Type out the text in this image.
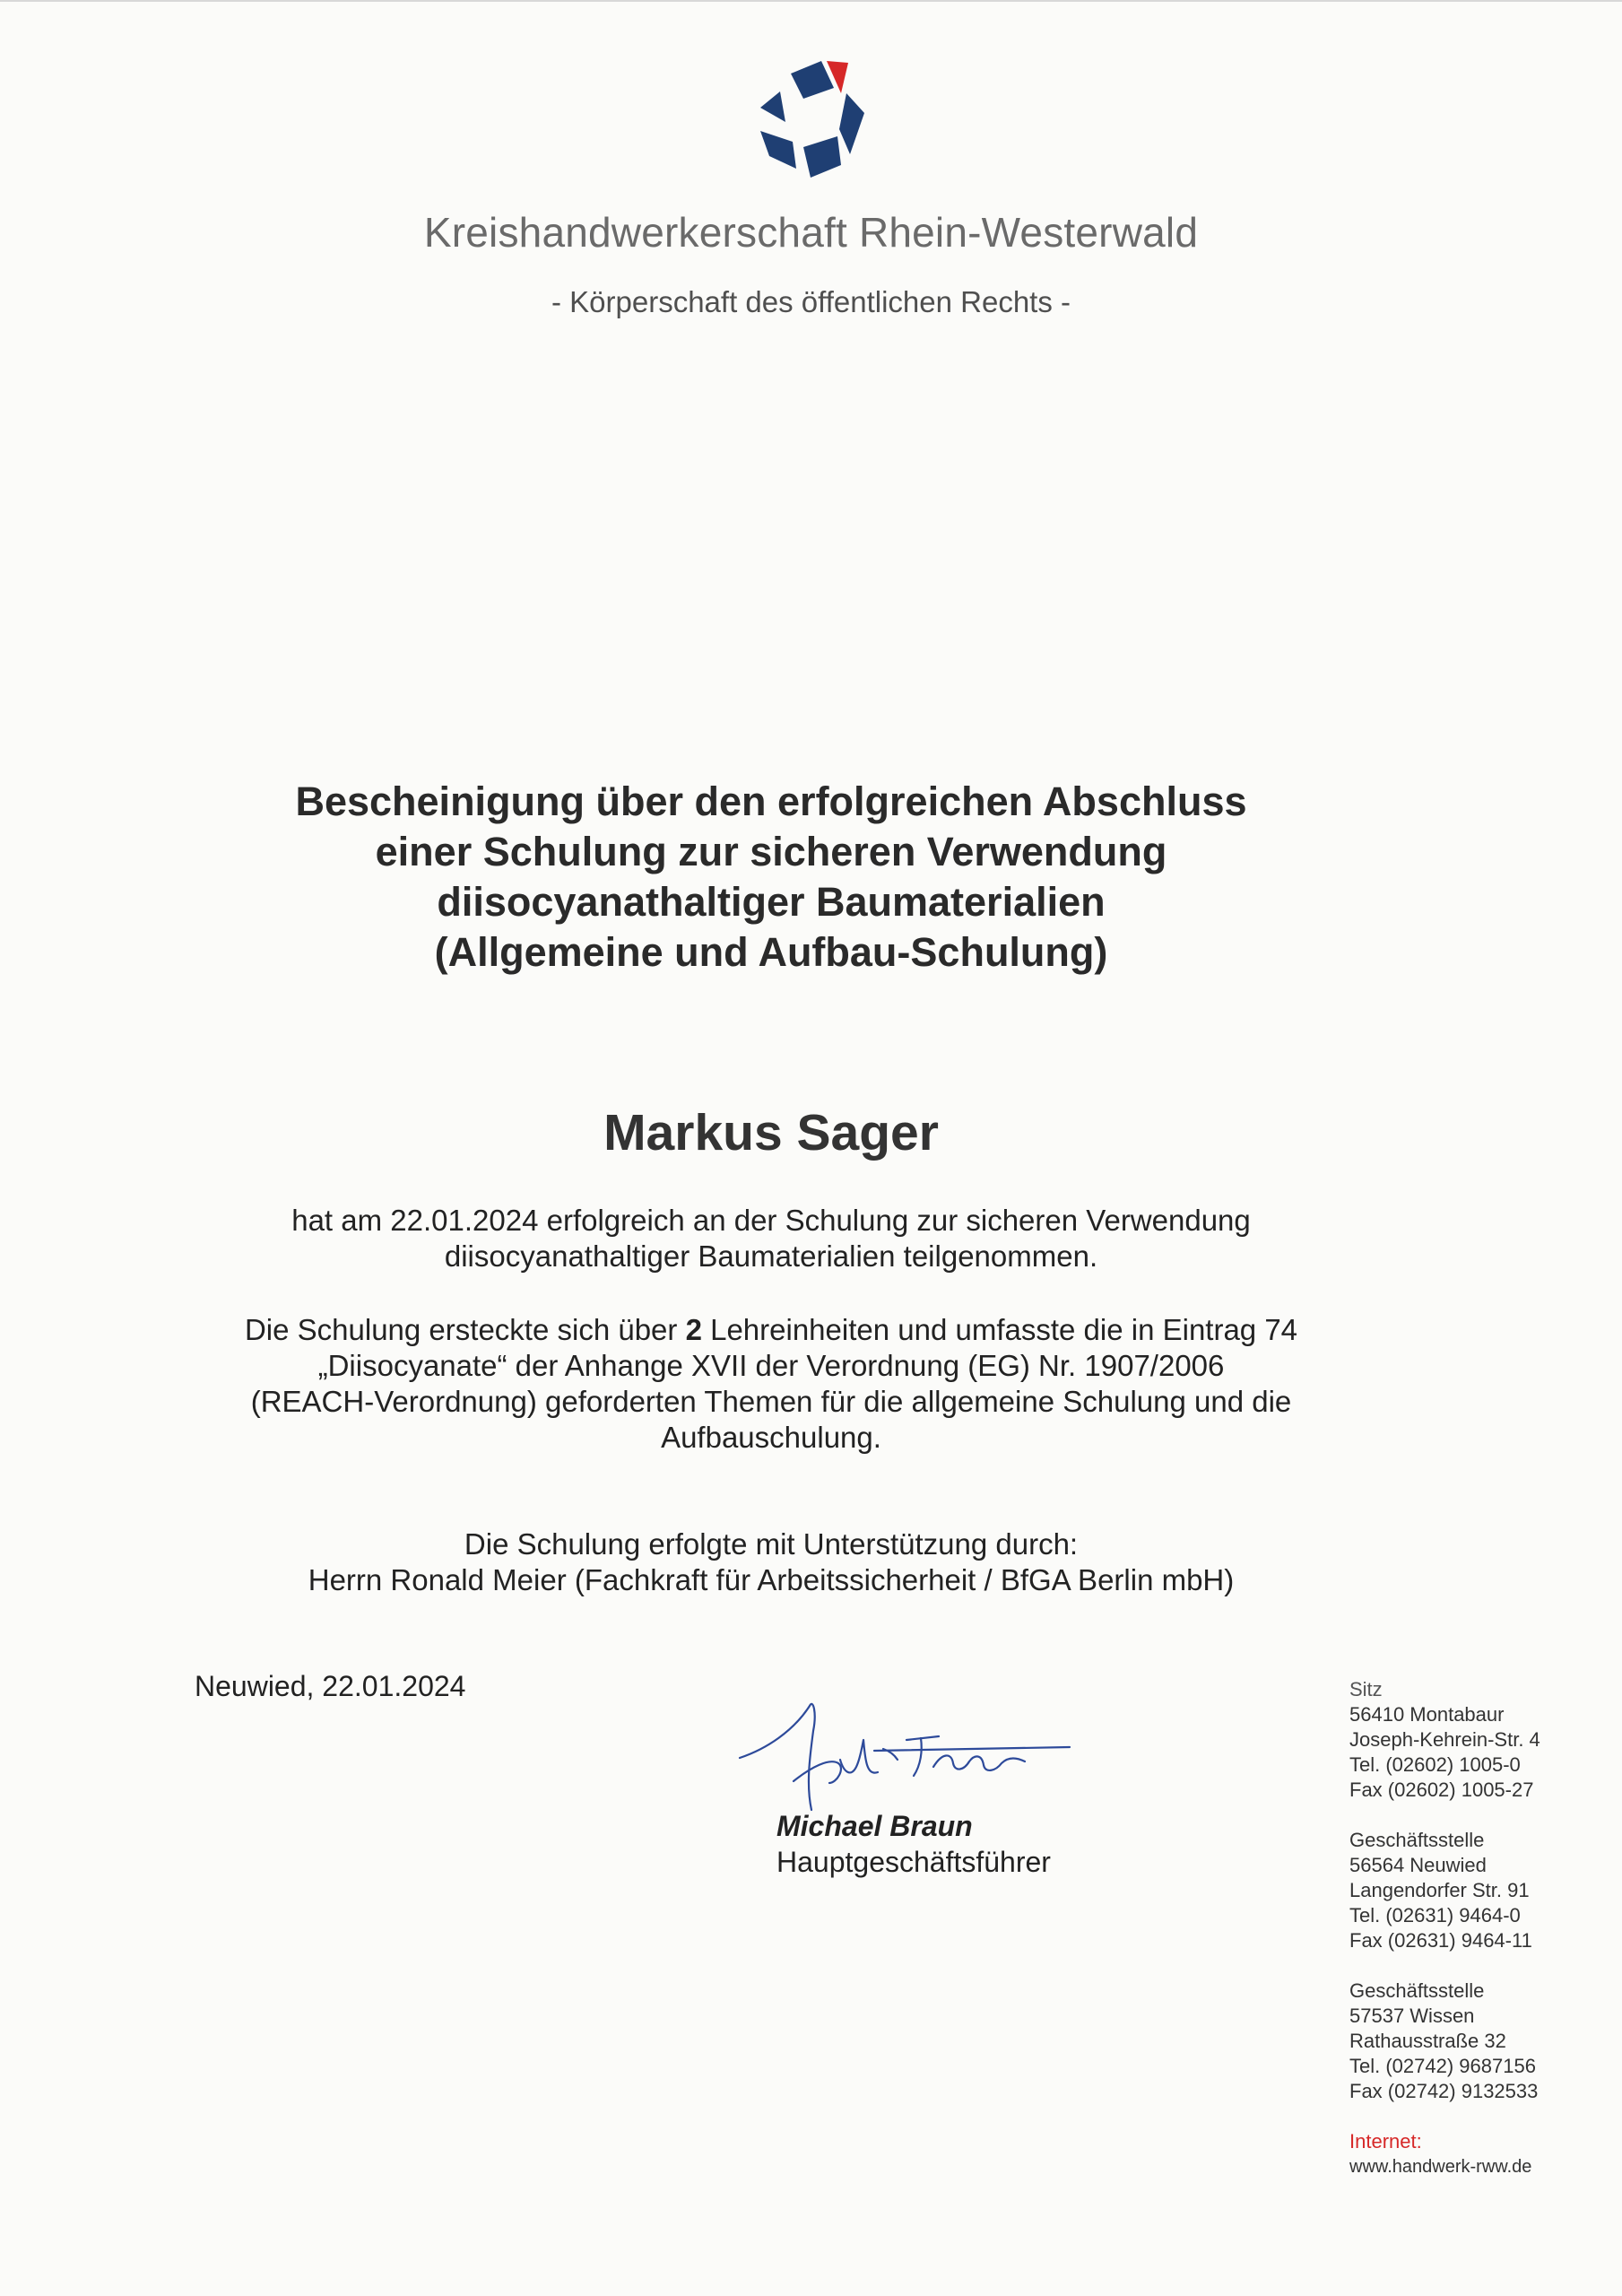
Kreishandwerkerschaft Rhein-Westerwald
- Körperschaft des öffentlichen Rechts -
Bescheinigung über den erfolgreichen Abschluss
einer Schulung zur sicheren Verwendung
diisocyanathaltiger Baumaterialien
(Allgemeine und Aufbau-Schulung)
Markus Sager
hat am 22.01.2024 erfolgreich an der Schulung zur sicheren Verwendung
diisocyanathaltiger Baumaterialien teilgenommen.
Die Schulung ersteckte sich über 2 Lehreinheiten und umfasste die in Eintrag 74
„Diisocyanate“ der Anhange XVII der Verordnung (EG) Nr. 1907/2006
(REACH-Verordnung) geforderten Themen für die allgemeine Schulung und die
Aufbauschulung.
Die Schulung erfolgte mit Unterstützung durch:
Herrn Ronald Meier (Fachkraft für Arbeitssicherheit / BfGA Berlin mbH)
Neuwied, 22.01.2024
Michael Braun
Hauptgeschäftsführer
Sitz
56410 Montabaur
Joseph-Kehrein-Str. 4
Tel. (02602) 1005-0
Fax (02602) 1005-27
Geschäftsstelle
56564 Neuwied
Langendorfer Str. 91
Tel. (02631) 9464-0
Fax (02631) 9464-11
Geschäftsstelle
57537 Wissen
Rathausstraße 32
Tel. (02742) 9687156
Fax (02742) 9132533
Internet:
www.handwerk-rww.de
